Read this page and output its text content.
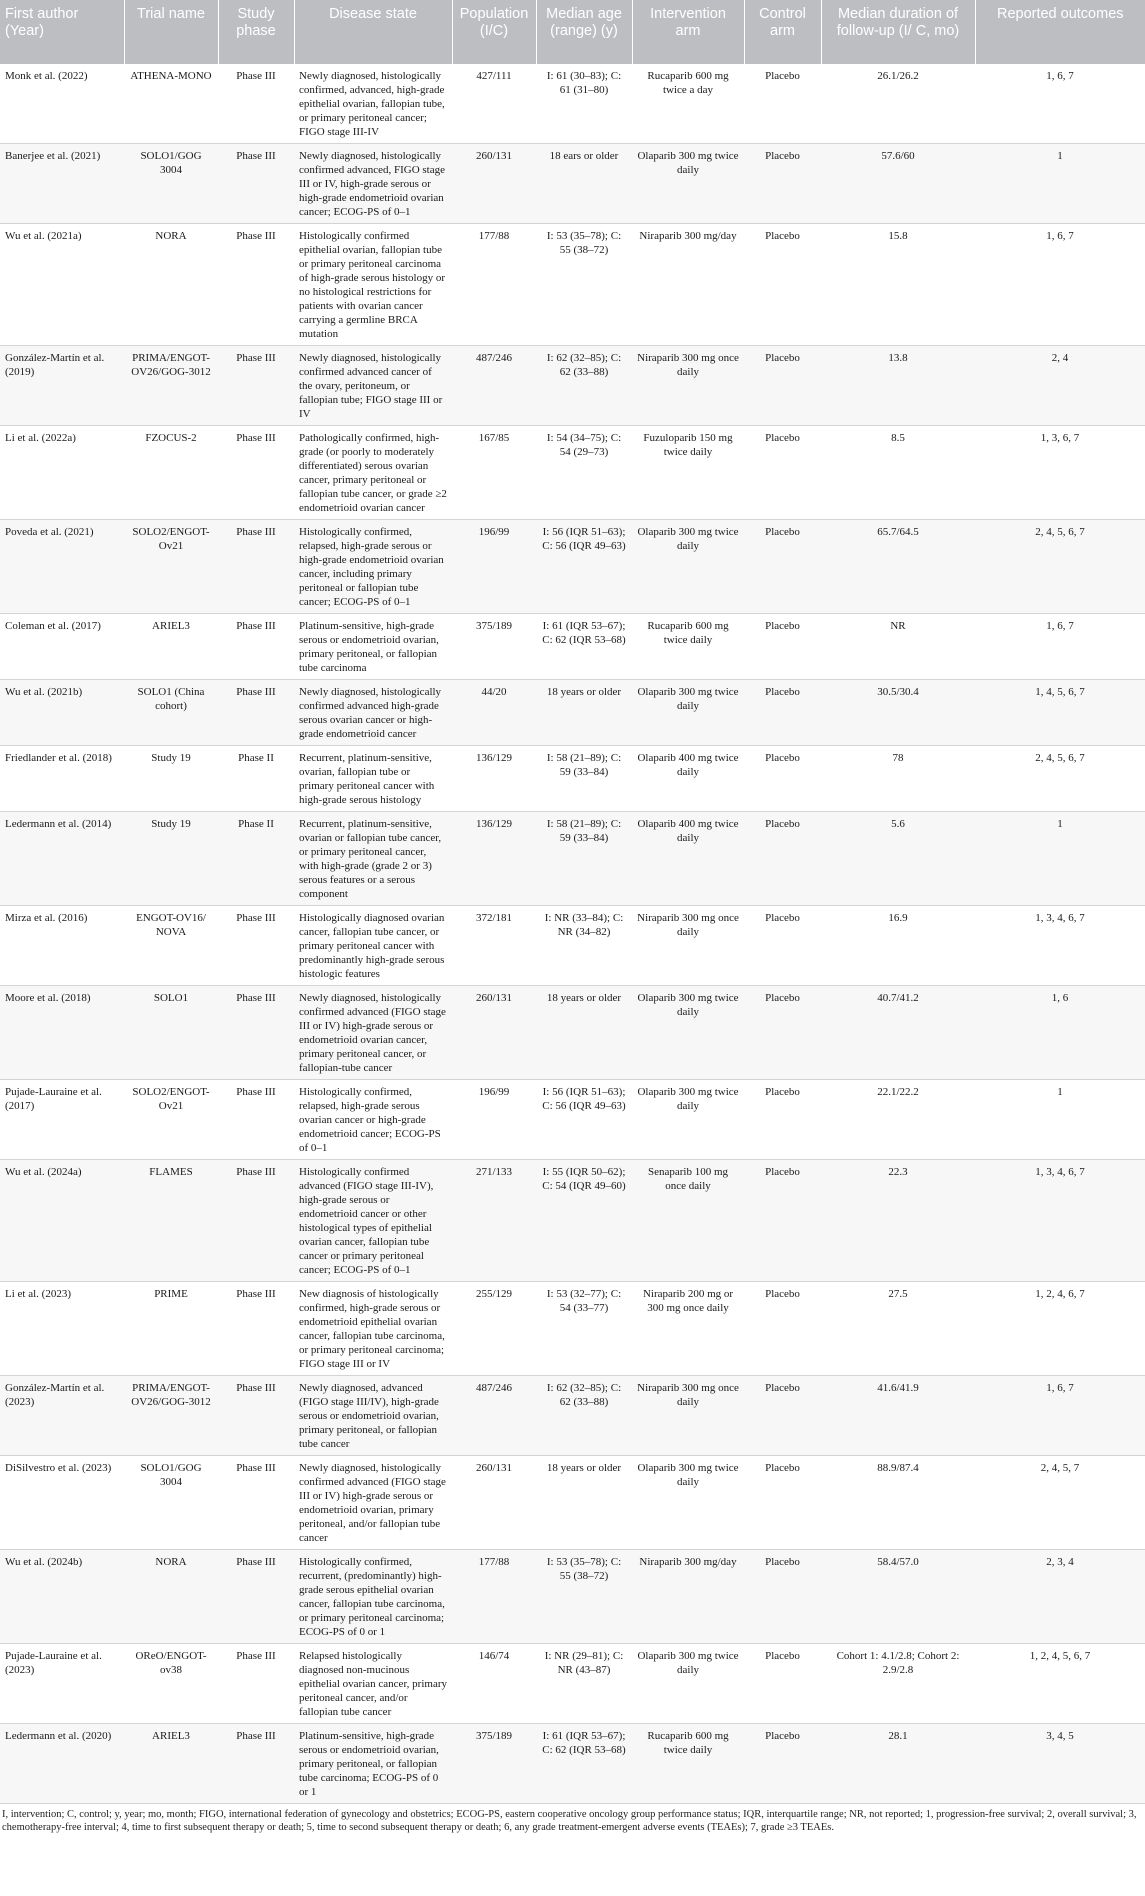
First author (Year)	Trial name	Study phase	Disease state	Population (I/C)	Median age (range) (y)	Intervention arm	Control arm	Median duration of follow-up (I/ C, mo)	Reported outcomes
Monk et al. (2022)	ATHENA-MONO	Phase III	Newly diagnosed, histologically confirmed, advanced, high-grade epithelial ovarian, fallopian tube, or primary peritoneal cancer; FIGO stage III-IV	427/111	I: 61 (30–83); C: 61 (31–80)	Rucaparib 600 mg twice a day	Placebo	26.1/26.2	1, 6, 7
Banerjee et al. (2021)	SOLO1/GOG 3004	Phase III	Newly diagnosed, histologically confirmed advanced, FIGO stage III or IV, high-grade serous or high-grade endometrioid ovarian cancer; ECOG-PS of 0–1	260/131	18 ears or older	Olaparib 300 mg twice daily	Placebo	57.6/60	1
Wu et al. (2021a)	NORA	Phase III	Histologically confirmed epithelial ovarian, fallopian tube or primary peritoneal carcinoma of high-grade serous histology or no histological restrictions for patients with ovarian cancer carrying a germline BRCA mutation	177/88	I: 53 (35–78); C: 55 (38–72)	Niraparib 300 mg/day	Placebo	15.8	1, 6, 7
González-Martín et al. (2019)	PRIMA/ENGOT-OV26/GOG-3012	Phase III	Newly diagnosed, histologically confirmed advanced cancer of the ovary, peritoneum, or fallopian tube; FIGO stage III or IV	487/246	I: 62 (32–85); C: 62 (33–88)	Niraparib 300 mg once daily	Placebo	13.8	2, 4
Li et al. (2022a)	FZOCUS-2	Phase III	Pathologically confirmed, high-grade (or poorly to moderately differentiated) serous ovarian cancer, primary peritoneal or fallopian tube cancer, or grade ≥2 endometrioid ovarian cancer	167/85	I: 54 (34–75); C: 54 (29–73)	Fuzuloparib 150 mg twice daily	Placebo	8.5	1, 3, 6, 7
Poveda et al. (2021)	SOLO2/ENGOT-Ov21	Phase III	Histologically confirmed, relapsed, high-grade serous or high-grade endometrioid ovarian cancer, including primary peritoneal or fallopian tube cancer; ECOG-PS of 0–1	196/99	I: 56 (IQR 51–63); C: 56 (IQR 49–63)	Olaparib 300 mg twice daily	Placebo	65.7/64.5	2, 4, 5, 6, 7
Coleman et al. (2017)	ARIEL3	Phase III	Platinum-sensitive, high-grade serous or endometrioid ovarian, primary peritoneal, or fallopian tube carcinoma	375/189	I: 61 (IQR 53–67); C: 62 (IQR 53–68)	Rucaparib 600 mg twice daily	Placebo	NR	1, 6, 7
Wu et al. (2021b)	SOLO1 (China cohort)	Phase III	Newly diagnosed, histologically confirmed advanced high-grade serous ovarian cancer or high-grade endometrioid cancer	44/20	18 years or older	Olaparib 300 mg twice daily	Placebo	30.5/30.4	1, 4, 5, 6, 7
Friedlander et al. (2018)	Study 19	Phase II	Recurrent, platinum-sensitive, ovarian, fallopian tube or primary peritoneal cancer with high-grade serous histology	136/129	I: 58 (21–89); C: 59 (33–84)	Olaparib 400 mg twice daily	Placebo	78	2, 4, 5, 6, 7
Ledermann et al. (2014)	Study 19	Phase II	Recurrent, platinum-sensitive, ovarian or fallopian tube cancer, or primary peritoneal cancer, with high-grade (grade 2 or 3) serous features or a serous component	136/129	I: 58 (21–89); C: 59 (33–84)	Olaparib 400 mg twice daily	Placebo	5.6	1
Mirza et al. (2016)	ENGOT-OV16/ NOVA	Phase III	Histologically diagnosed ovarian cancer, fallopian tube cancer, or primary peritoneal cancer with predominantly high-grade serous histologic features	372/181	I: NR (33–84); C: NR (34–82)	Niraparib 300 mg once daily	Placebo	16.9	1, 3, 4, 6, 7
Moore et al. (2018)	SOLO1	Phase III	Newly diagnosed, histologically confirmed advanced (FIGO stage III or IV) high-grade serous or endometrioid ovarian cancer, primary peritoneal cancer, or fallopian-tube cancer	260/131	18 years or older	Olaparib 300 mg twice daily	Placebo	40.7/41.2	1, 6
Pujade-Lauraine et al. (2017)	SOLO2/ENGOT-Ov21	Phase III	Histologically confirmed, relapsed, high-grade serous ovarian cancer or high-grade endometrioid cancer; ECOG-PS of 0–1	196/99	I: 56 (IQR 51–63); C: 56 (IQR 49–63)	Olaparib 300 mg twice daily	Placebo	22.1/22.2	1
Wu et al. (2024a)	FLAMES	Phase III	Histologically confirmed advanced (FIGO stage III-IV), high-grade serous or endometrioid cancer or other histological types of epithelial ovarian cancer, fallopian tube cancer or primary peritoneal cancer; ECOG-PS of 0–1	271/133	I: 55 (IQR 50–62); C: 54 (IQR 49–60)	Senaparib 100 mg once daily	Placebo	22.3	1, 3, 4, 6, 7
Li et al. (2023)	PRIME	Phase III	New diagnosis of histologically confirmed, high-grade serous or endometrioid epithelial ovarian cancer, fallopian tube carcinoma, or primary peritoneal carcinoma; FIGO stage III or IV	255/129	I: 53 (32–77); C: 54 (33–77)	Niraparib 200 mg or 300 mg once daily	Placebo	27.5	1, 2, 4, 6, 7
González-Martín et al. (2023)	PRIMA/ENGOT-OV26/GOG-3012	Phase III	Newly diagnosed, advanced (FIGO stage III/IV), high-grade serous or endometrioid ovarian, primary peritoneal, or fallopian tube cancer	487/246	I: 62 (32–85); C: 62 (33–88)	Niraparib 300 mg once daily	Placebo	41.6/41.9	1, 6, 7
DiSilvestro et al. (2023)	SOLO1/GOG 3004	Phase III	Newly diagnosed, histologically confirmed advanced (FIGO stage III or IV) high-grade serous or endometrioid ovarian, primary peritoneal, and/or fallopian tube cancer	260/131	18 years or older	Olaparib 300 mg twice daily	Placebo	88.9/87.4	2, 4, 5, 7
Wu et al. (2024b)	NORA	Phase III	Histologically confirmed, recurrent, (predominantly) high-grade serous epithelial ovarian cancer, fallopian tube carcinoma, or primary peritoneal carcinoma; ECOG-PS of 0 or 1	177/88	I: 53 (35–78); C: 55 (38–72)	Niraparib 300 mg/day	Placebo	58.4/57.0	2, 3, 4
Pujade-Lauraine et al. (2023)	OReO/ENGOT-ov38	Phase III	Relapsed histologically diagnosed non-mucinous epithelial ovarian cancer, primary peritoneal cancer, and/or fallopian tube cancer	146/74	I: NR (29–81); C: NR (43–87)	Olaparib 300 mg twice daily	Placebo	Cohort 1: 4.1/2.8; Cohort 2: 2.9/2.8	1, 2, 4, 5, 6, 7
Ledermann et al. (2020)	ARIEL3	Phase III	Platinum-sensitive, high-grade serous or endometrioid ovarian, primary peritoneal, or fallopian tube carcinoma; ECOG-PS of 0 or 1	375/189	I: 61 (IQR 53–67); C: 62 (IQR 53–68)	Rucaparib 600 mg twice daily	Placebo	28.1	3, 4, 5
I, intervention; C, control; y, year; mo, month; FIGO, international federation of gynecology and obstetrics; ECOG-PS, eastern cooperative oncology group performance status; IQR, interquartile range; NR, not reported; 1, progression-free survival; 2, overall survival; 3, chemotherapy-free interval; 4, time to first subsequent therapy or death; 5, time to second subsequent therapy or death; 6, any grade treatment-emergent adverse events (TEAEs); 7, grade ≥3 TEAEs.
